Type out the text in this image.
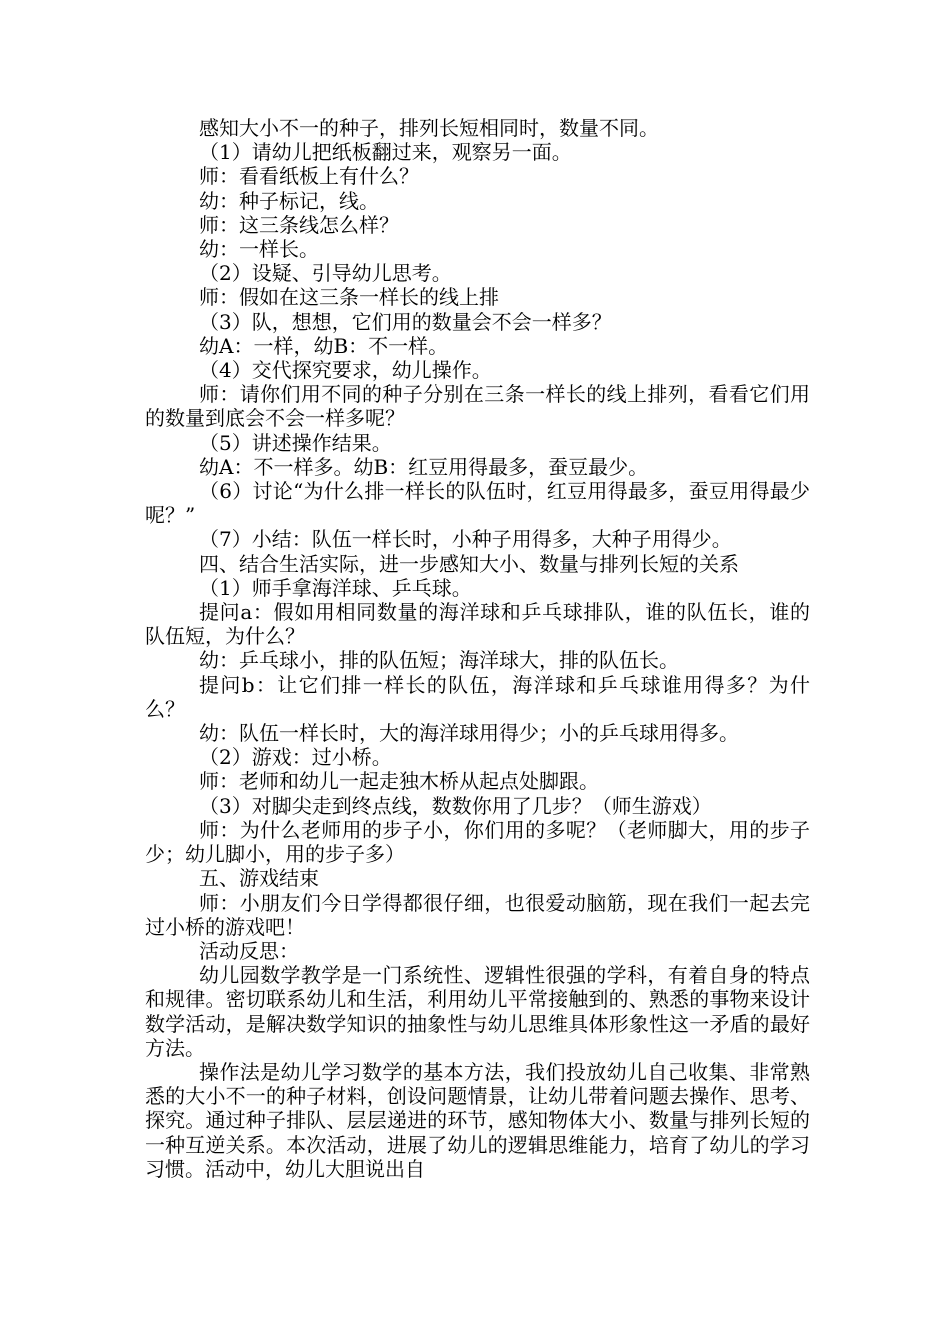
感知大小不一的种子，排列长短相同时，数量不同。

（1）请幼儿把纸板翻过来，观察另一面。

师：看看纸板上有什么？

幼：种子标记，线。

师：这三条线怎么样？

幼：一样长。

（2）设疑、引导幼儿思考。

师：假如在这三条一样长的线上排

（3）队，想想，它们用的数量会不会一样多？

幼A：一样，幼B：不一样。

（4）交代探究要求，幼儿操作。

师：请你们用不同的种子分别在三条一样长的线上排列，看看它们用的数量到底会不会一样多呢？

（5）讲述操作结果。

幼A：不一样多。幼B：红豆用得最多，蚕豆最少。

（6）讨论“为什么排一样长的队伍时，红豆用得最多，蚕豆用得最少呢？”

（7）小结：队伍一样长时，小种子用得多，大种子用得少。

四、结合生活实际，进一步感知大小、数量与排列长短的关系

（1）师手拿海洋球、乒乓球。

提问a：假如用相同数量的海洋球和乒乓球排队，谁的队伍长，谁的队伍短，为什么？

幼：乒乓球小，排的队伍短；海洋球大，排的队伍长。

提问b：让它们排一样长的队伍，海洋球和乒乓球谁用得多？为什么？

幼：队伍一样长时，大的海洋球用得少；小的乒乓球用得多。

（2）游戏：过小桥。

师：老师和幼儿一起走独木桥从起点处脚跟。

（3）对脚尖走到终点线，数数你用了几步？（师生游戏）

师：为什么老师用的步子小，你们用的多呢？（老师脚大，用的步子少；幼儿脚小，用的步子多）

五、游戏结束

师：小朋友们今日学得都很仔细，也很爱动脑筋，现在我们一起去完过小桥的游戏吧！

活动反思：

幼儿园数学教学是一门系统性、逻辑性很强的学科，有着自身的特点和规律。密切联系幼儿和生活，利用幼儿平常接触到的、熟悉的事物来设计数学活动，是解决数学知识的抽象性与幼儿思维具体形象性这一矛盾的最好方法。

操作法是幼儿学习数学的基本方法，我们投放幼儿自己收集、非常熟悉的大小不一的种子材料，创设问题情景，让幼儿带着问题去操作、思考、探究。通过种子排队、层层递进的环节，感知物体大小、数量与排列长短的一种互逆关系。本次活动，进展了幼儿的逻辑思维能力，培育了幼儿的学习习惯。活动中，幼儿大胆说出自
